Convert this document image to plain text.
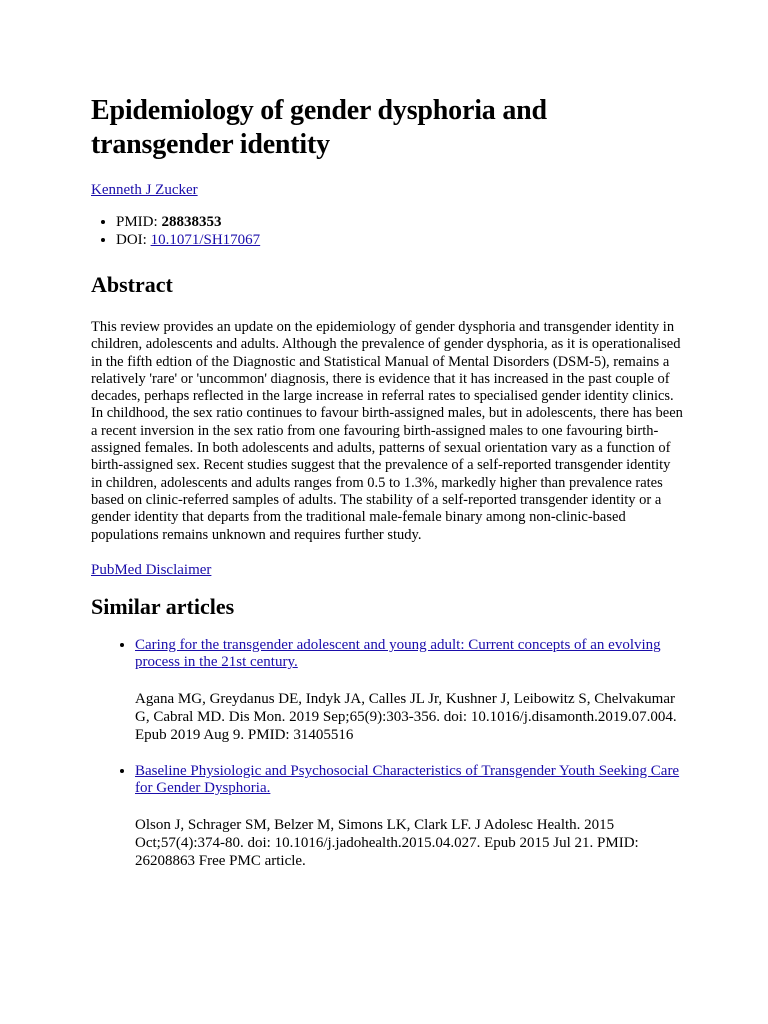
Epidemiology of gender dysphoria and transgender identity
Kenneth J Zucker
• PMID: 28838353
• DOI: 10.1071/SH17067
Abstract

This review provides an update on the epidemiology of gender dysphoria and transgender identity in children, adolescents and adults. Although the prevalence of gender dysphoria, as it is operationalised in the fifth edtion of the Diagnostic and Statistical Manual of Mental Disorders (DSM-5), remains a relatively 'rare' or 'uncommon' diagnosis, there is evidence that it has increased in the past couple of decades, perhaps reflected in the large increase in referral rates to specialised gender identity clinics. In childhood, the sex ratio continues to favour birth-assigned males, but in adolescents, there has been a recent inversion in the sex ratio from one favouring birth-assigned males to one favouring birth-assigned females. In both adolescents and adults, patterns of sexual orientation vary as a function of birth-assigned sex. Recent studies suggest that the prevalence of a self-reported transgender identity in children, adolescents and adults ranges from 0.5 to 1.3%, markedly higher than prevalence rates based on clinic-referred samples of adults. The stability of a self-reported transgender identity or a gender identity that departs from the traditional male-female binary among non-clinic-based populations remains unknown and requires further study.

PubMed Disclaimer
Similar articles
• Caring for the transgender adolescent and young adult: Current concepts of an evolving process in the 21st century.

Agana MG, Greydanus DE, Indyk JA, Calles JL Jr, Kushner J, Leibowitz S, Chelvakumar G, Cabral MD. Dis Mon. 2019 Sep;65(9):303-356. doi: 10.1016/j.disamonth.2019.07.004. Epub 2019 Aug 9. PMID: 31405516

• Baseline Physiologic and Psychosocial Characteristics of Transgender Youth Seeking Care for Gender Dysphoria.

Olson J, Schrager SM, Belzer M, Simons LK, Clark LF. J Adolesc Health. 2015 Oct;57(4):374-80. doi: 10.1016/j.jadohealth.2015.04.027. Epub 2015 Jul 21. PMID: 26208863 Free PMC article.
